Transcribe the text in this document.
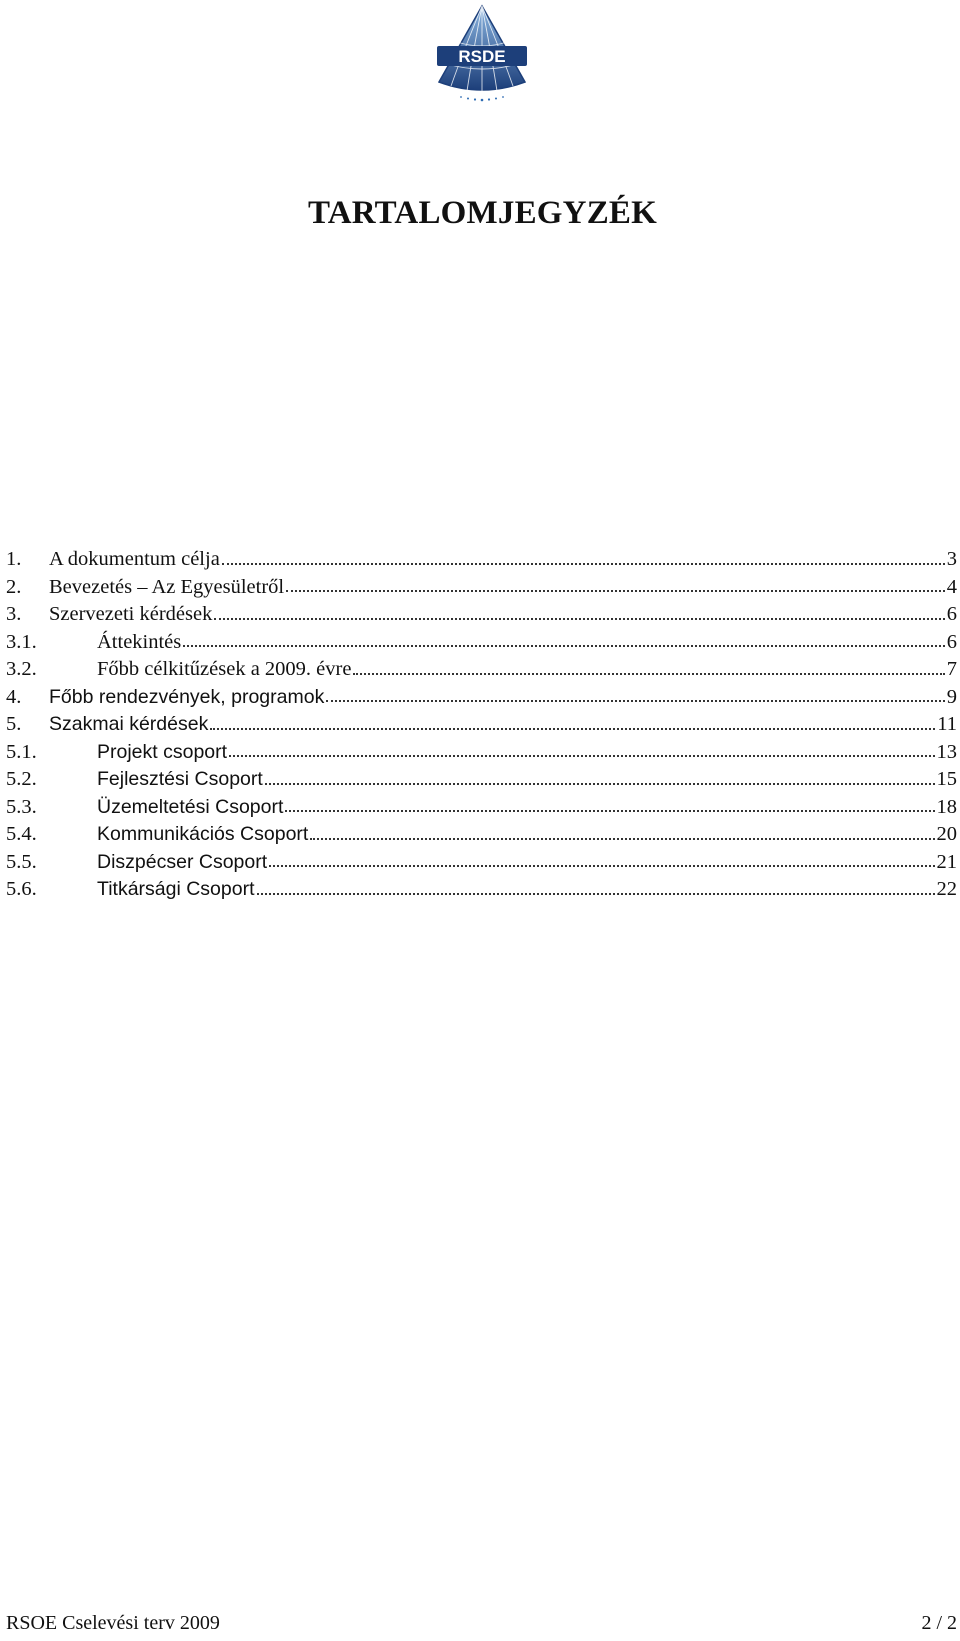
RSDE
TARTALOMJEGYZÉK
1.	A dokumentum célja	3
2.	Bevezetés – Az Egyesületről	4
3.	Szervezeti kérdések	6
3.1.	Áttekintés	6
3.2.	Főbb célkitűzések a 2009. évre	7
4.	Főbb rendezvények, programok	9
5.	Szakmai kérdések	11
5.1.	Projekt csoport	13
5.2.	Fejlesztési Csoport	15
5.3.	Üzemeltetési Csoport	18
5.4.	Kommunikációs Csoport	20
5.5.	Diszpécser Csoport	21
5.6.	Titkársági Csoport	22
RSOE Cselevési terv 2009	2 / 2
